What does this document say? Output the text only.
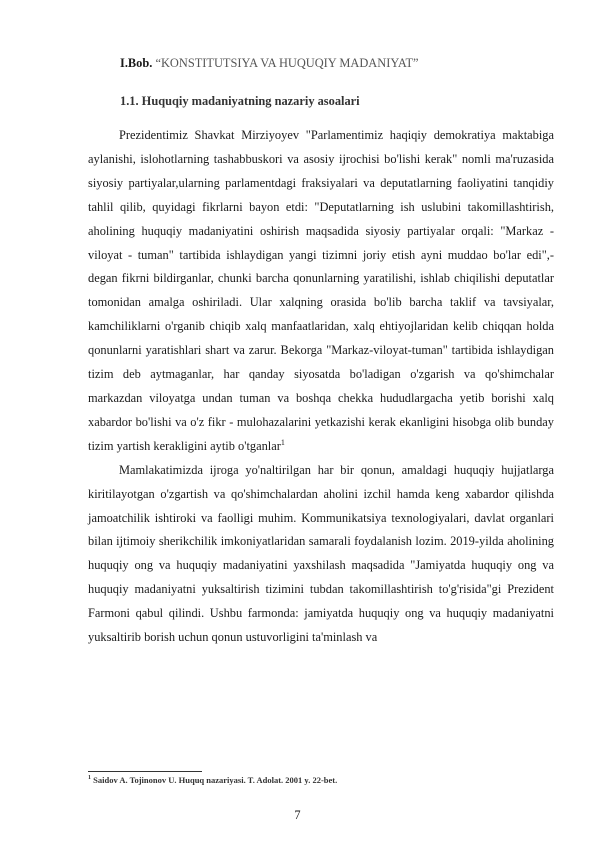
I.Bob. “KONSTITUTSIYA VA HUQUQIY MADANIYAT”
1.1. Huquqiy madaniyatning nazariy asoalari

Prezidentimiz Shavkat Mirziyoyev "Parlamentimiz haqiqiy demokratiya maktabiga aylanishi, islohotlarning tashabbuskori va asosiy ijrochisi bo'lishi kerak" nomli ma'ruzasida siyosiy partiyalar,ularning parlamentdagi fraksiyalari va deputatlarning faoliyatini tanqidiy tahlil qilib, quyidagi fikrlarni bayon etdi: "Deputatlarning ish uslubini takomillashtirish, aholining huquqiy madaniyatini oshirish maqsadida siyosiy partiyalar orqali: "Markaz - viloyat - tuman" tartibida ishlaydigan yangi tizimni joriy etish ayni muddao bo'lar edi",- degan fikrni bildirganlar, chunki barcha qonunlarning yaratilishi, ishlab chiqilishi deputatlar tomonidan amalga oshiriladi. Ular xalqning orasida bo'lib barcha taklif va tavsiyalar, kamchiliklarni o'rganib chiqib xalq manfaatlaridan, xalq ehtiyojlaridan kelib chiqqan holda qonunlarni yaratishlari shart va zarur. Bekorga "Markaz-viloyat-tuman" tartibida ishlaydigan tizim deb aytmaganlar, har qanday siyosatda bo'ladigan o'zgarish va qo'shimchalar markazdan viloyatga undan tuman va boshqa chekka hududlargacha yetib borishi xalq xabardor bo'lishi va o'z fikr - mulohazalarini yetkazishi kerak ekanligini hisobga olib bunday tizim yartish kerakligini aytib o'tganlar$^1$

Mamlakatimizda ijroga yo'naltirilgan har bir qonun, amaldagi huquqiy hujjatlarga kiritilayotgan o'zgartish va qo'shimchalardan aholini izchil hamda keng xabardor qilishda jamoatchilik ishtiroki va faolligi muhim. Kommunikatsiya texnologiyalari, davlat organlari bilan ijtimoiy sherikchilik imkoniyatlaridan samarali foydalanish lozim. 2019-yilda aholining huquqiy ong va huquqiy madaniyatini yaxshilash maqsadida "Jamiyatda huquqiy ong va huquqiy madaniyatni yuksaltirish tizimini tubdan takomillashtirish to'g'risida"gi Prezident Farmoni qabul qilindi. Ushbu farmonda: jamiyatda huquqiy ong va huquqiy madaniyatni yuksaltirib borish uchun qonun ustuvorligini ta'minlash va

$^1$ Saidov A. Tojinonov U. Huquq nazariyasi. T. Adolat. 2001 y. 22-bet.
7
